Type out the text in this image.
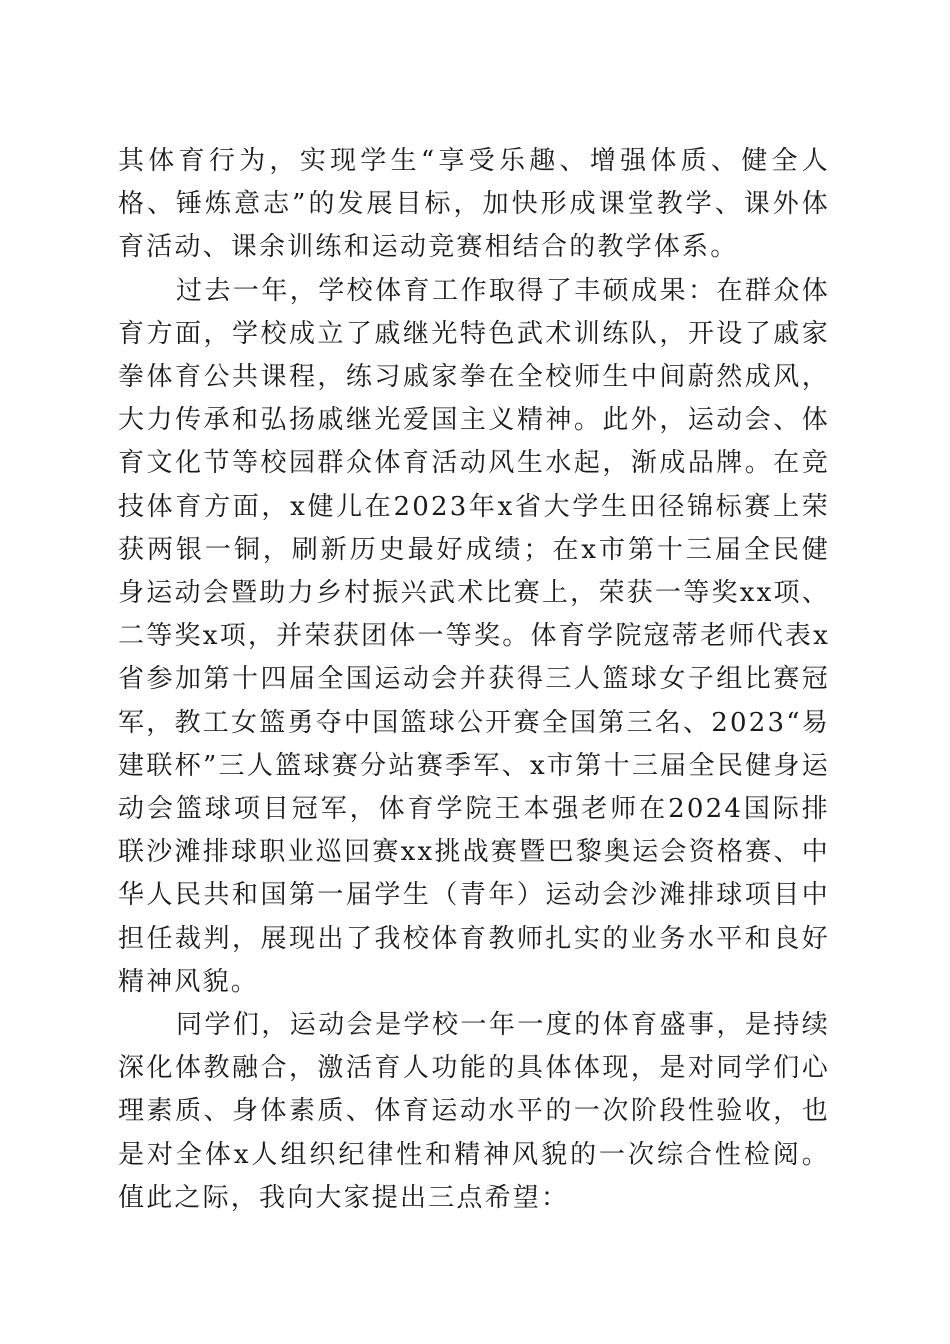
其体育行为，实现学生“享受乐趣、增强体质、健全人格、锤炼意志”的发展目标，加快形成课堂教学、课外体育活动、课余训练和运动竞赛相结合的教学体系。

过去一年，学校体育工作取得了丰硕成果：在群众体育方面，学校成立了戚继光特色武术训练队，开设了戚家拳体育公共课程，练习戚家拳在全校师生中间蔚然成风，大力传承和弘扬戚继光爱国主义精神。此外，运动会、体育文化节等校园群众体育活动风生水起，渐成品牌。在竞技体育方面，x健儿在2023年x省大学生田径锦标赛上荣获两银一铜，刷新历史最好成绩；在x市第十三届全民健身运动会暨助力乡村振兴武术比赛上，荣获一等奖xx项、二等奖x项，并荣获团体一等奖。体育学院寇蒂老师代表x省参加第十四届全国运动会并获得三人篮球女子组比赛冠军，教工女篮勇夺中国篮球公开赛全国第三名、2023“易建联杯”三人篮球赛分站赛季军、x市第十三届全民健身运动会篮球项目冠军，体育学院王本强老师在2024国际排联沙滩排球职业巡回赛xx挑战赛暨巴黎奥运会资格赛、中华人民共和国第一届学生（青年）运动会沙滩排球项目中担任裁判，展现出了我校体育教师扎实的业务水平和良好精神风貌。

同学们，运动会是学校一年一度的体育盛事，是持续深化体教融合，激活育人功能的具体体现，是对同学们心理素质、身体素质、体育运动水平的一次阶段性验收，也是对全体x人组织纪律性和精神风貌的一次综合性检阅。值此之际，我向大家提出三点希望：
